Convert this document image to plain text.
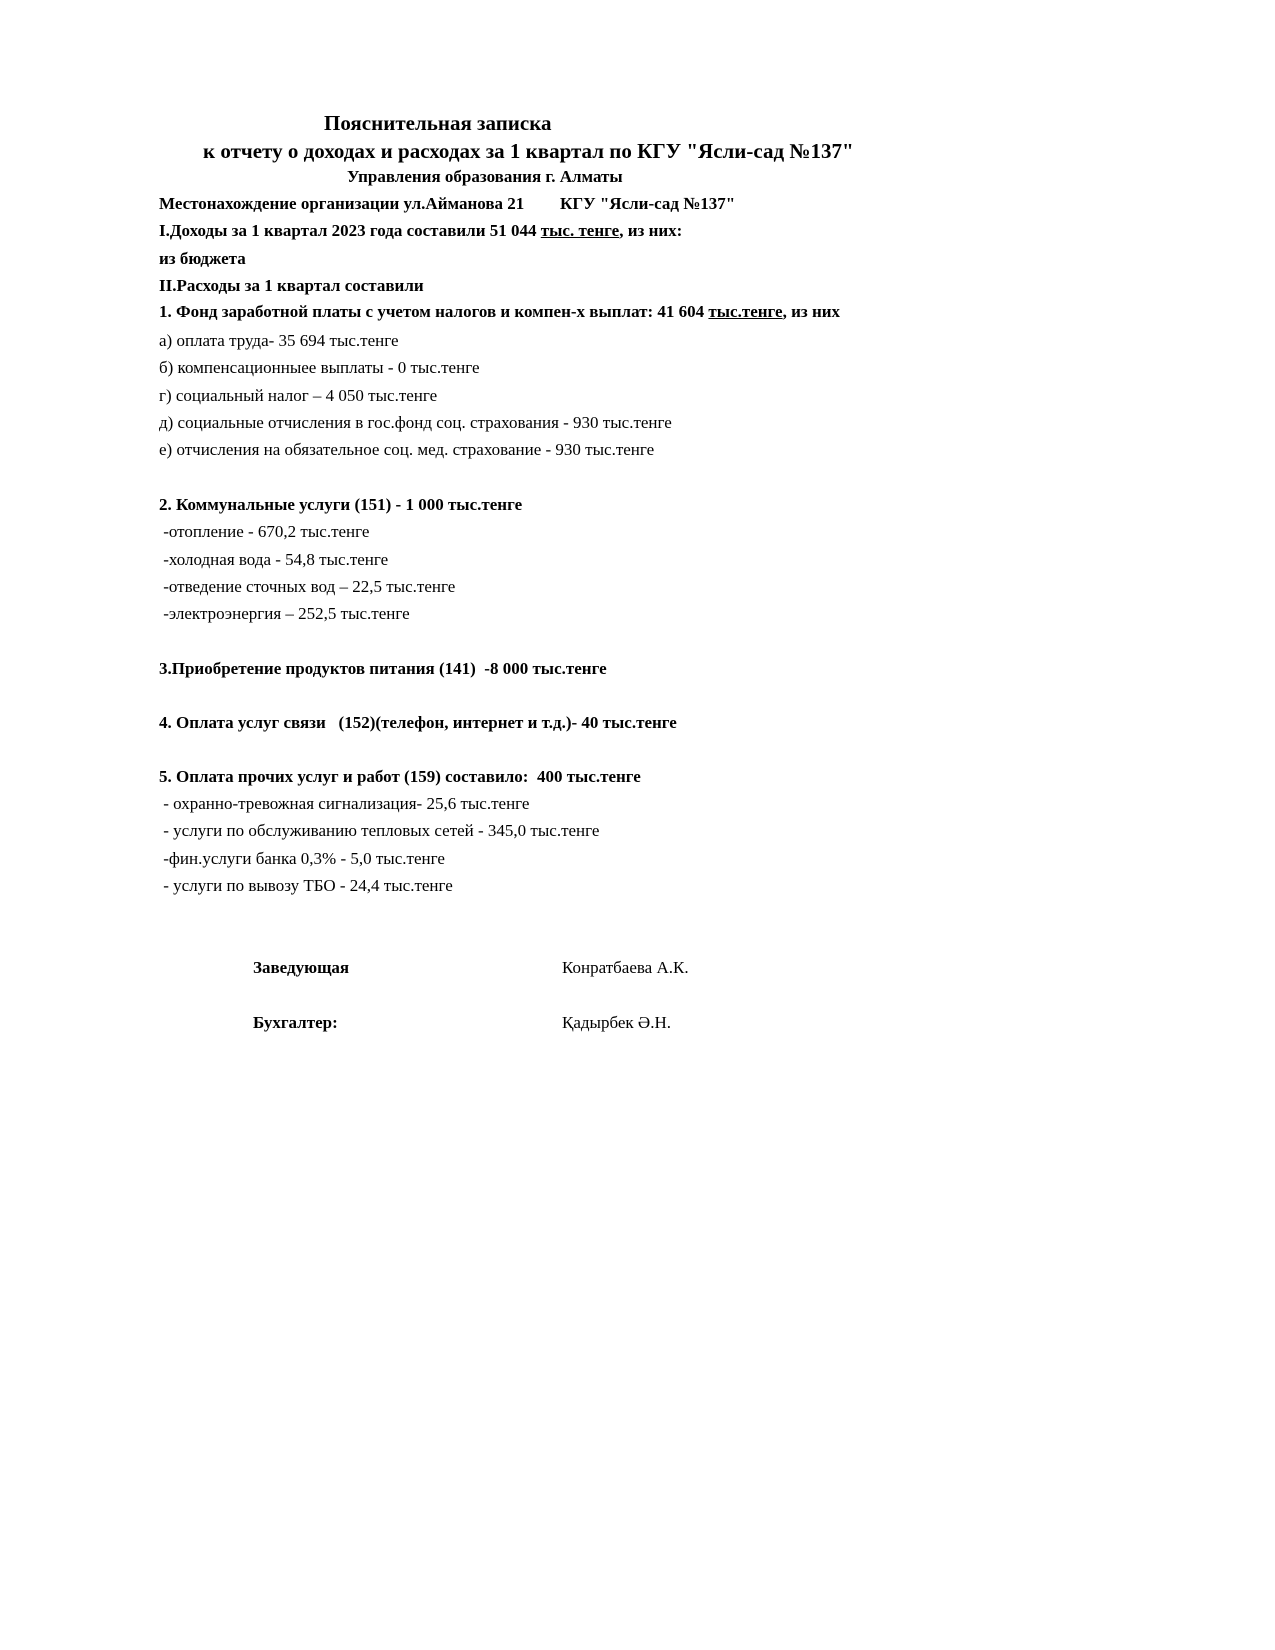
Пояснительная записка
к отчету о доходах и расходах за 1 квартал по КГУ "Ясли-сад №137"
Управления образования г. Алматы
Местонахождение организации ул.Айманова 21 КГУ "Ясли-сад №137"
I.Доходы за 1 квартал 2023 года составили 51 044 тыс. тенге, из них:
из бюджета
II.Расходы за 1 квартал составили
1. Фонд заработной платы с учетом налогов и компен-х выплат: 41 604 тыс.тенге, из них
а) оплата труда- 35 694 тыс.тенге
б) компенсационныее выплаты - 0 тыс.тенге
г) социальный налог – 4 050 тыс.тенге
д) социальные отчисления в гос.фонд соц. страхования - 930 тыс.тенге
е) отчисления на обязательное соц. мед. страхование - 930 тыс.тенге
2. Коммунальные услуги (151) - 1 000 тыс.тенге
-отопление - 670,2 тыс.тенге
-холодная вода - 54,8 тыс.тенге
-отведение сточных вод – 22,5 тыс.тенге
-электроэнергия – 252,5 тыс.тенге
3.Приобретение продуктов питания (141)  -8 000 тыс.тенге
4. Оплата услуг связи   (152)(телефон, интернет и т.д.)- 40 тыс.тенге
5. Оплата прочих услуг и работ (159) составило:  400 тыс.тенге
- охранно-тревожная сигнализация- 25,6 тыс.тенге
- услуги по обслуживанию тепловых сетей - 345,0 тыс.тенге
-фин.услуги банка 0,3% - 5,0 тыс.тенге
- услуги по вывозу ТБО - 24,4 тыс.тенге
Заведующая	Конратбаева А.К.
Бухгалтер:	Қадырбек Ә.Н.
